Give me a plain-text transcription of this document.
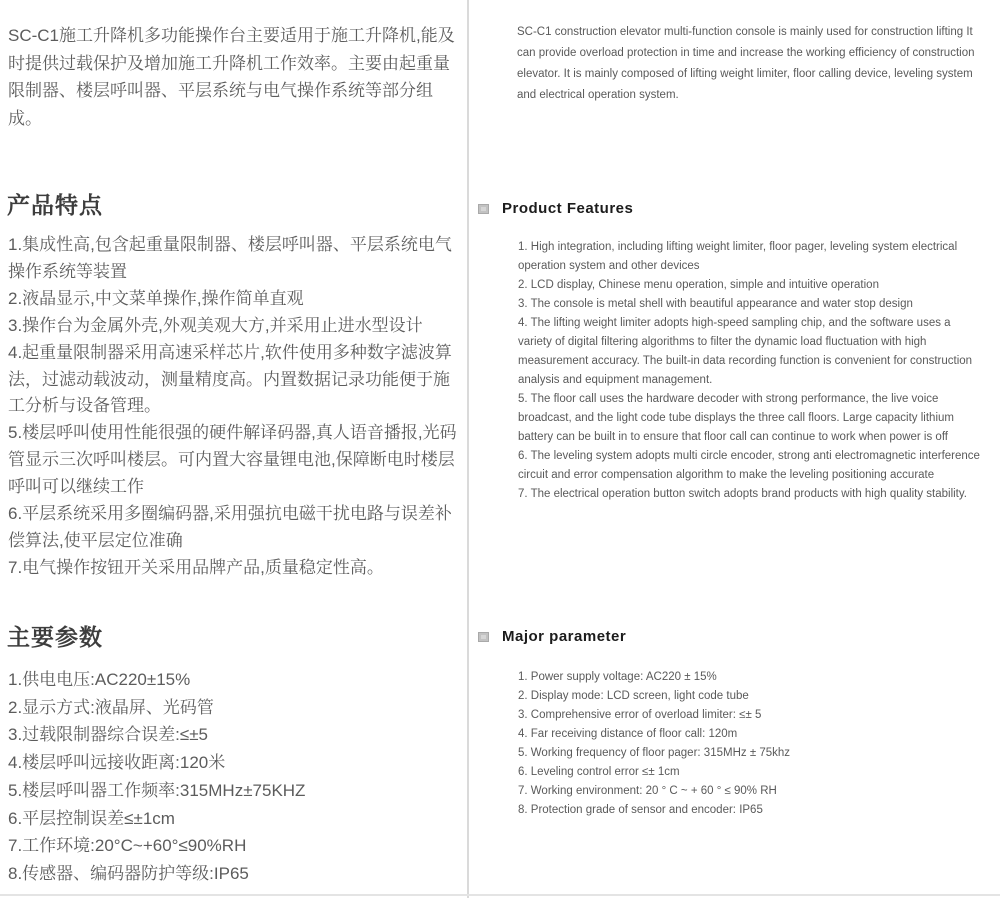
SC-C1施工升降机多功能操作台主要适用于施工升降机,能及时提供过载保护及增加施工升降机工作效率。主要由起重量限制器、楼层呼叫器、平层系统与电气操作系统等部分组成。
产品特点

1.集成性高,包含起重量限制器、楼层呼叫器、平层系统电气操作系统等装置

2.液晶显示,中文菜单操作,操作简单直观

3.操作台为金属外壳,外观美观大方,并采用止进水型设计

4.起重量限制器采用高速采样芯片,软件使用多种数字滤波算法，过滤动载波动，测量精度高。内置数据记录功能便于施工分析与设备管理。

5.楼层呼叫使用性能很强的硬件解译码器,真人语音播报,光码管显示三次呼叫楼层。可内置大容量锂电池,保障断电时楼层呼叫可以继续工作

6.平层系统采用多圈编码器,采用强抗电磁干扰电路与误差补偿算法,使平层定位准确

7.电气操作按钮开关采用品牌产品,质量稳定性高。

主要参数

1.供电电压:AC220±15%

2.显示方式:液晶屏、光码管

3.过载限制器综合误差:≤±5

4.楼层呼叫远接收距离:120米

5.楼层呼叫器工作频率:315MHz±75KHZ

6.平层控制误差≤±1cm

7.工作环境:20°C~+60°≤90%RH

8.传感器、编码器防护等级:IP65

SC-C1 construction elevator multi-function console is mainly used for construction lifting It can provide overload protection in time and increase the working efficiency of construction elevator. It is mainly composed of lifting weight limiter, floor calling device, leveling system and electrical operation system.
Product Features

1. High integration, including lifting weight limiter, floor pager, leveling system electrical operation system and other devices

2. LCD display, Chinese menu operation, simple and intuitive operation

3. The console is metal shell with beautiful appearance and water stop design

4. The lifting weight limiter adopts high-speed sampling chip, and the software uses a variety of digital filtering algorithms to filter the dynamic load fluctuation with high measurement accuracy. The built-in data recording function is convenient for construction analysis and equipment management.

5. The floor call uses the hardware decoder with strong performance, the live voice broadcast, and the light code tube displays the three call floors. Large capacity lithium battery can be built in to ensure that floor call can continue to work when power is off

6. The leveling system adopts multi circle encoder, strong anti electromagnetic interference circuit and error compensation algorithm to make the leveling positioning accurate

7. The electrical operation button switch adopts brand products with high quality stability.

Major parameter

1. Power supply voltage: AC220 ± 15%

2. Display mode: LCD screen, light code tube

3. Comprehensive error of overload limiter: ≤± 5

4. Far receiving distance of floor call: 120m

5. Working frequency of floor pager: 315MHz ± 75khz

6. Leveling control error ≤± 1cm

7. Working environment: 20 ° C ~ + 60 ° ≤ 90% RH

8. Protection grade of sensor and encoder: IP65
